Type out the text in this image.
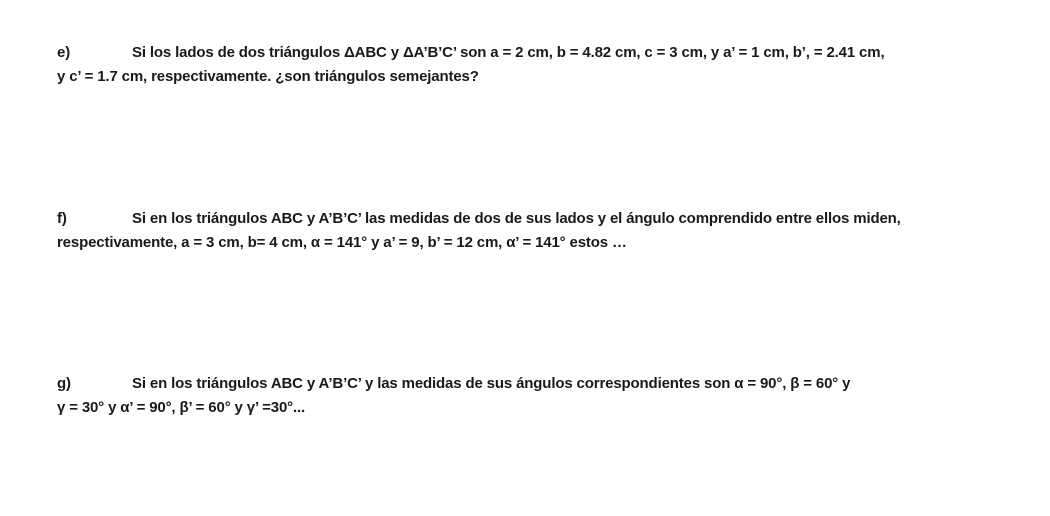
e)	Si los lados de dos triángulos ΔABC y ΔA’B’C’ son a = 2 cm, b = 4.82 cm, c = 3 cm, y a’ = 1 cm, b’, = 2.41 cm,
y c’ = 1.7 cm, respectivamente. ¿son triángulos semejantes?
f)	Si en los triángulos ABC y A’B’C’ las medidas de dos de sus lados y el ángulo comprendido entre ellos miden,
respectivamente, a = 3 cm, b= 4 cm, α = 141° y a’ = 9, b’ = 12 cm, α’ = 141° estos …
g)	Si en los triángulos ABC y A’B’C’ y las medidas de sus ángulos correspondientes son α = 90°, β = 60° y
γ = 30° y α’ = 90°, β’ = 60° y γ’ =30°...
